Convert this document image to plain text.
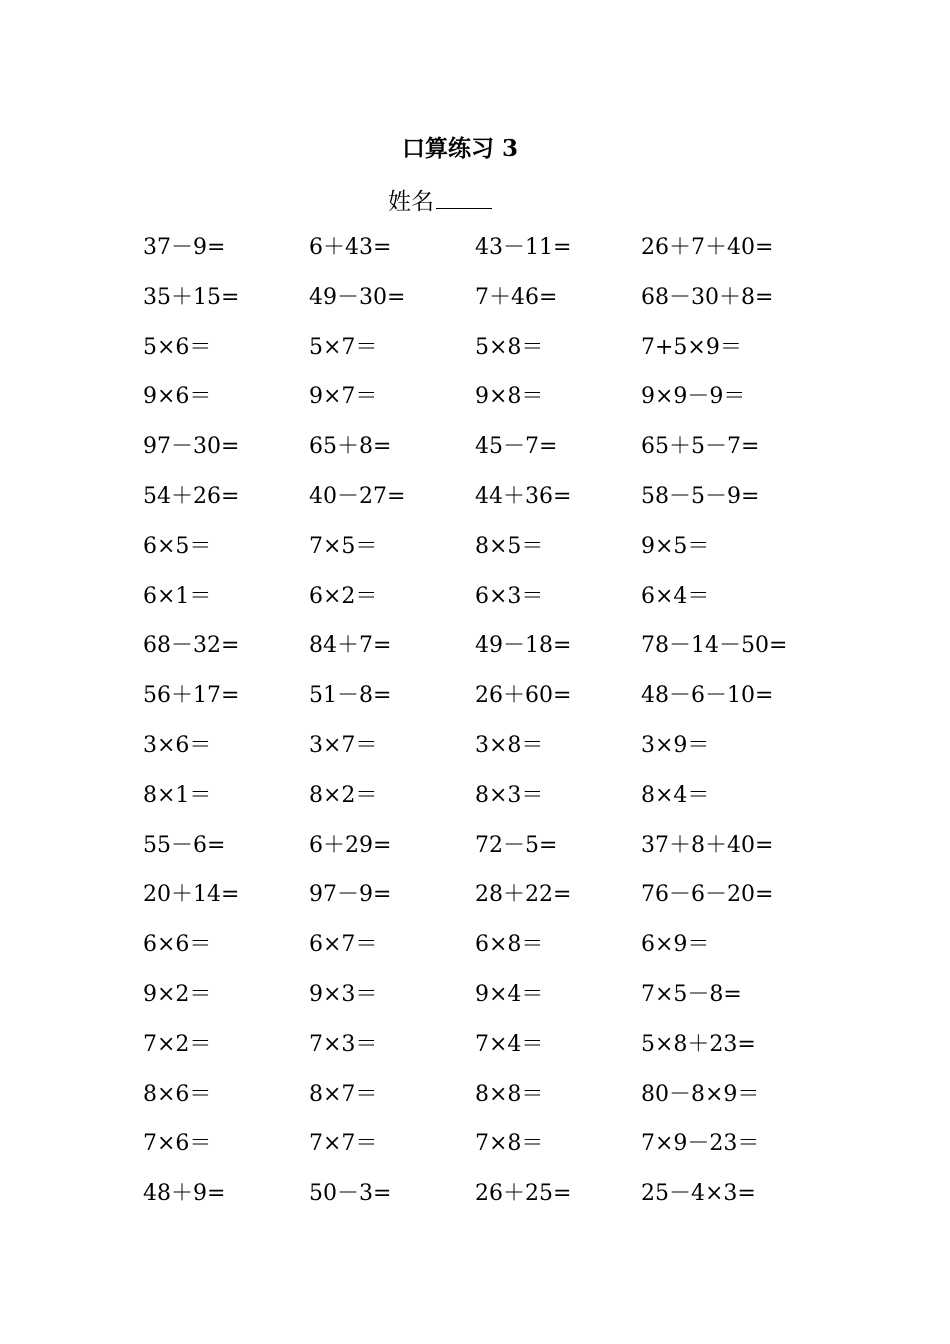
口算练习 3
姓名
37－9=	6＋43=	43－11=	26＋7＋40=
35＋15=	49－30=	7＋46=	68－30＋8=
5×6＝	5×7＝	5×8＝	7+5×9＝
9×6＝	9×7＝	9×8＝	9×9－9＝
97－30=	65＋8=	45－7=	65＋5－7=
54＋26=	40－27=	44＋36=	58－5－9=
6×5＝	7×5＝	8×5＝	9×5＝
6×1＝	6×2＝	6×3＝	6×4＝
68－32=	84＋7=	49－18=	78－14－50=
56＋17=	51－8=	26＋60=	48－6－10=
3×6＝	3×7＝	3×8＝	3×9＝
8×1＝	8×2＝	8×3＝	8×4＝
55－6=	6＋29=	72－5=	37＋8＋40=
20＋14=	97－9=	28＋22=	76－6－20=
6×6＝	6×7＝	6×8＝	6×9＝
9×2＝	9×3＝	9×4＝	7×5－8=
7×2＝	7×3＝	7×4＝	5×8＋23=
8×6＝	8×7＝	8×8＝	80－8×9＝
7×6＝	7×7＝	7×8＝	7×9－23＝
48＋9=	50－3=	26＋25=	25－4×3=
